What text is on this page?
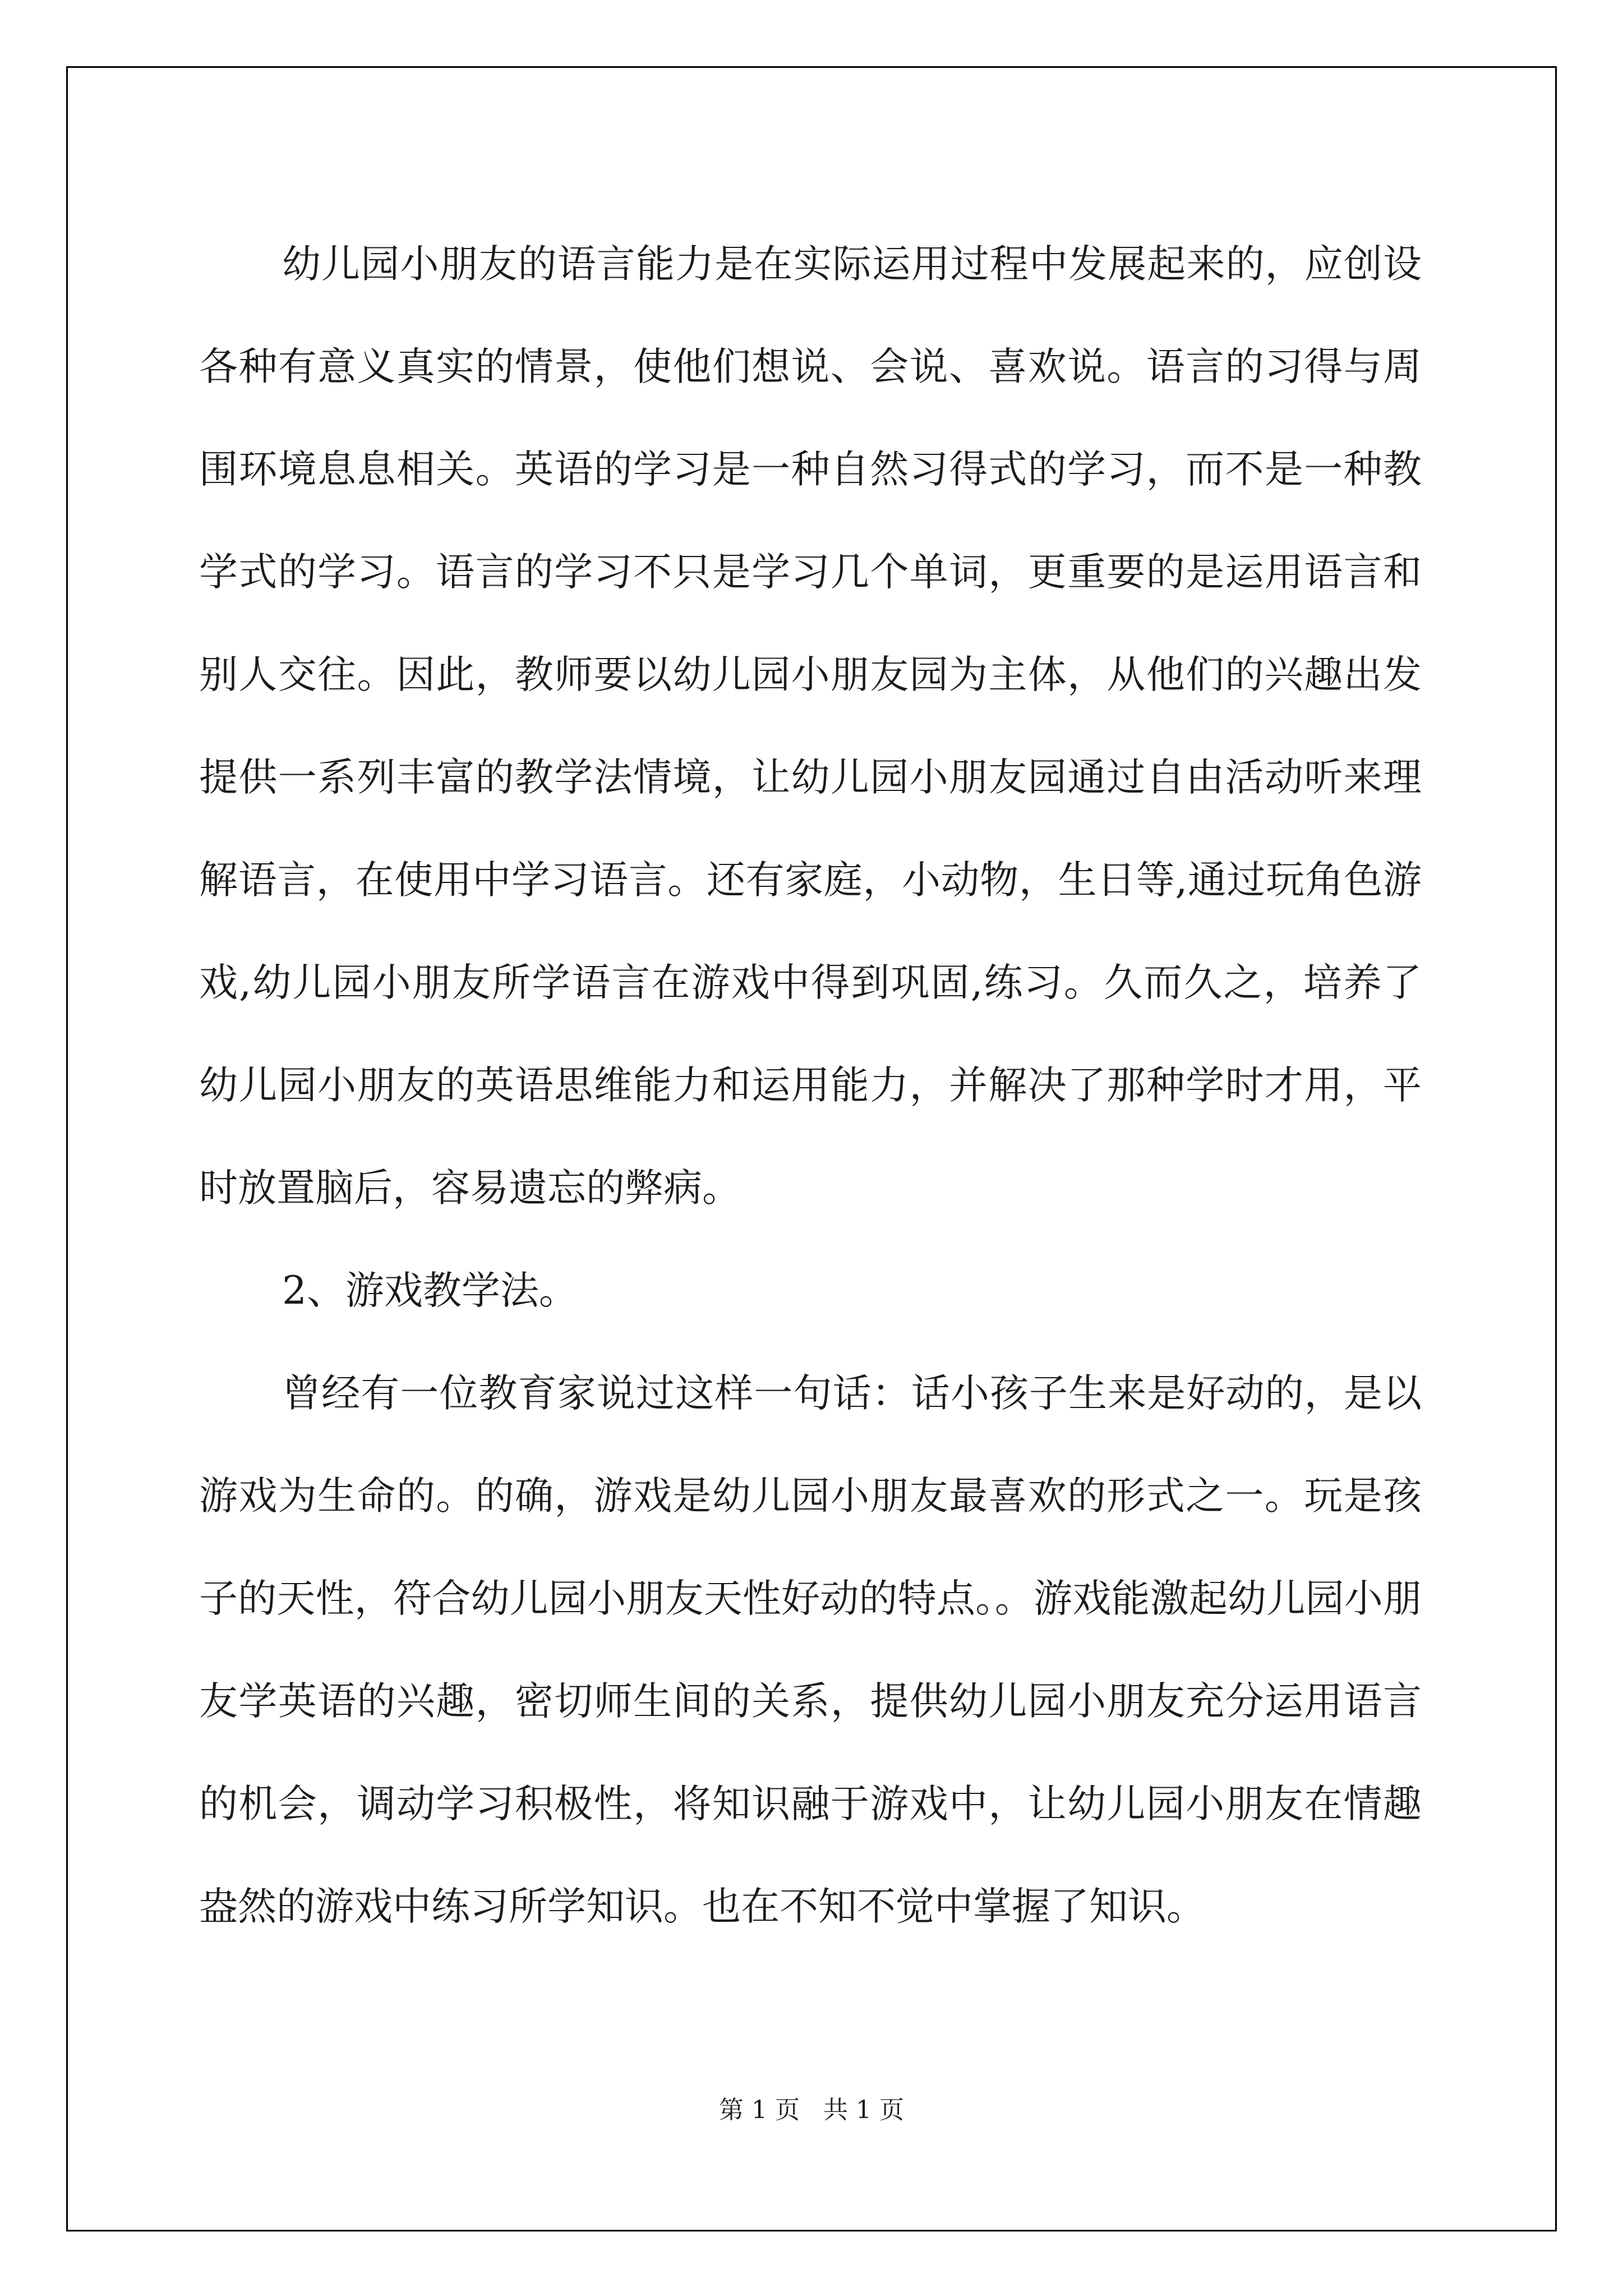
幼儿园小朋友的语言能力是在实际运用过程中发展起来的，应创设各种有意义真实的情景，使他们想说、会说、喜欢说。语言的习得与周围环境息息相关。英语的学习是一种自然习得式的学习，而不是一种教学式的学习。语言的学习不只是学习几个单词，更重要的是运用语言和别人交往。因此，教师要以幼儿园小朋友园为主体，从他们的兴趣出发提供一系列丰富的教学法情境，让幼儿园小朋友园通过自由活动听来理解语言，在使用中学习语言。还有家庭，小动物，生日等,通过玩角色游戏,幼儿园小朋友所学语言在游戏中得到巩固,练习。久而久之，培养了幼儿园小朋友的英语思维能力和运用能力，并解决了那种学时才用，平时放置脑后，容易遗忘的弊病。

2、游戏教学法。

曾经有一位教育家说过这样一句话：话小孩子生来是好动的，是以游戏为生命的。的确，游戏是幼儿园小朋友最喜欢的形式之一。玩是孩子的天性，符合幼儿园小朋友天性好动的特点。。游戏能激起幼儿园小朋友学英语的兴趣，密切师生间的关系，提供幼儿园小朋友充分运用语言的机会，调动学习积极性，将知识融于游戏中，让幼儿园小朋友在情趣盎然的游戏中练习所学知识。也在不知不觉中掌握了知识。

第 1 页   共 1 页
